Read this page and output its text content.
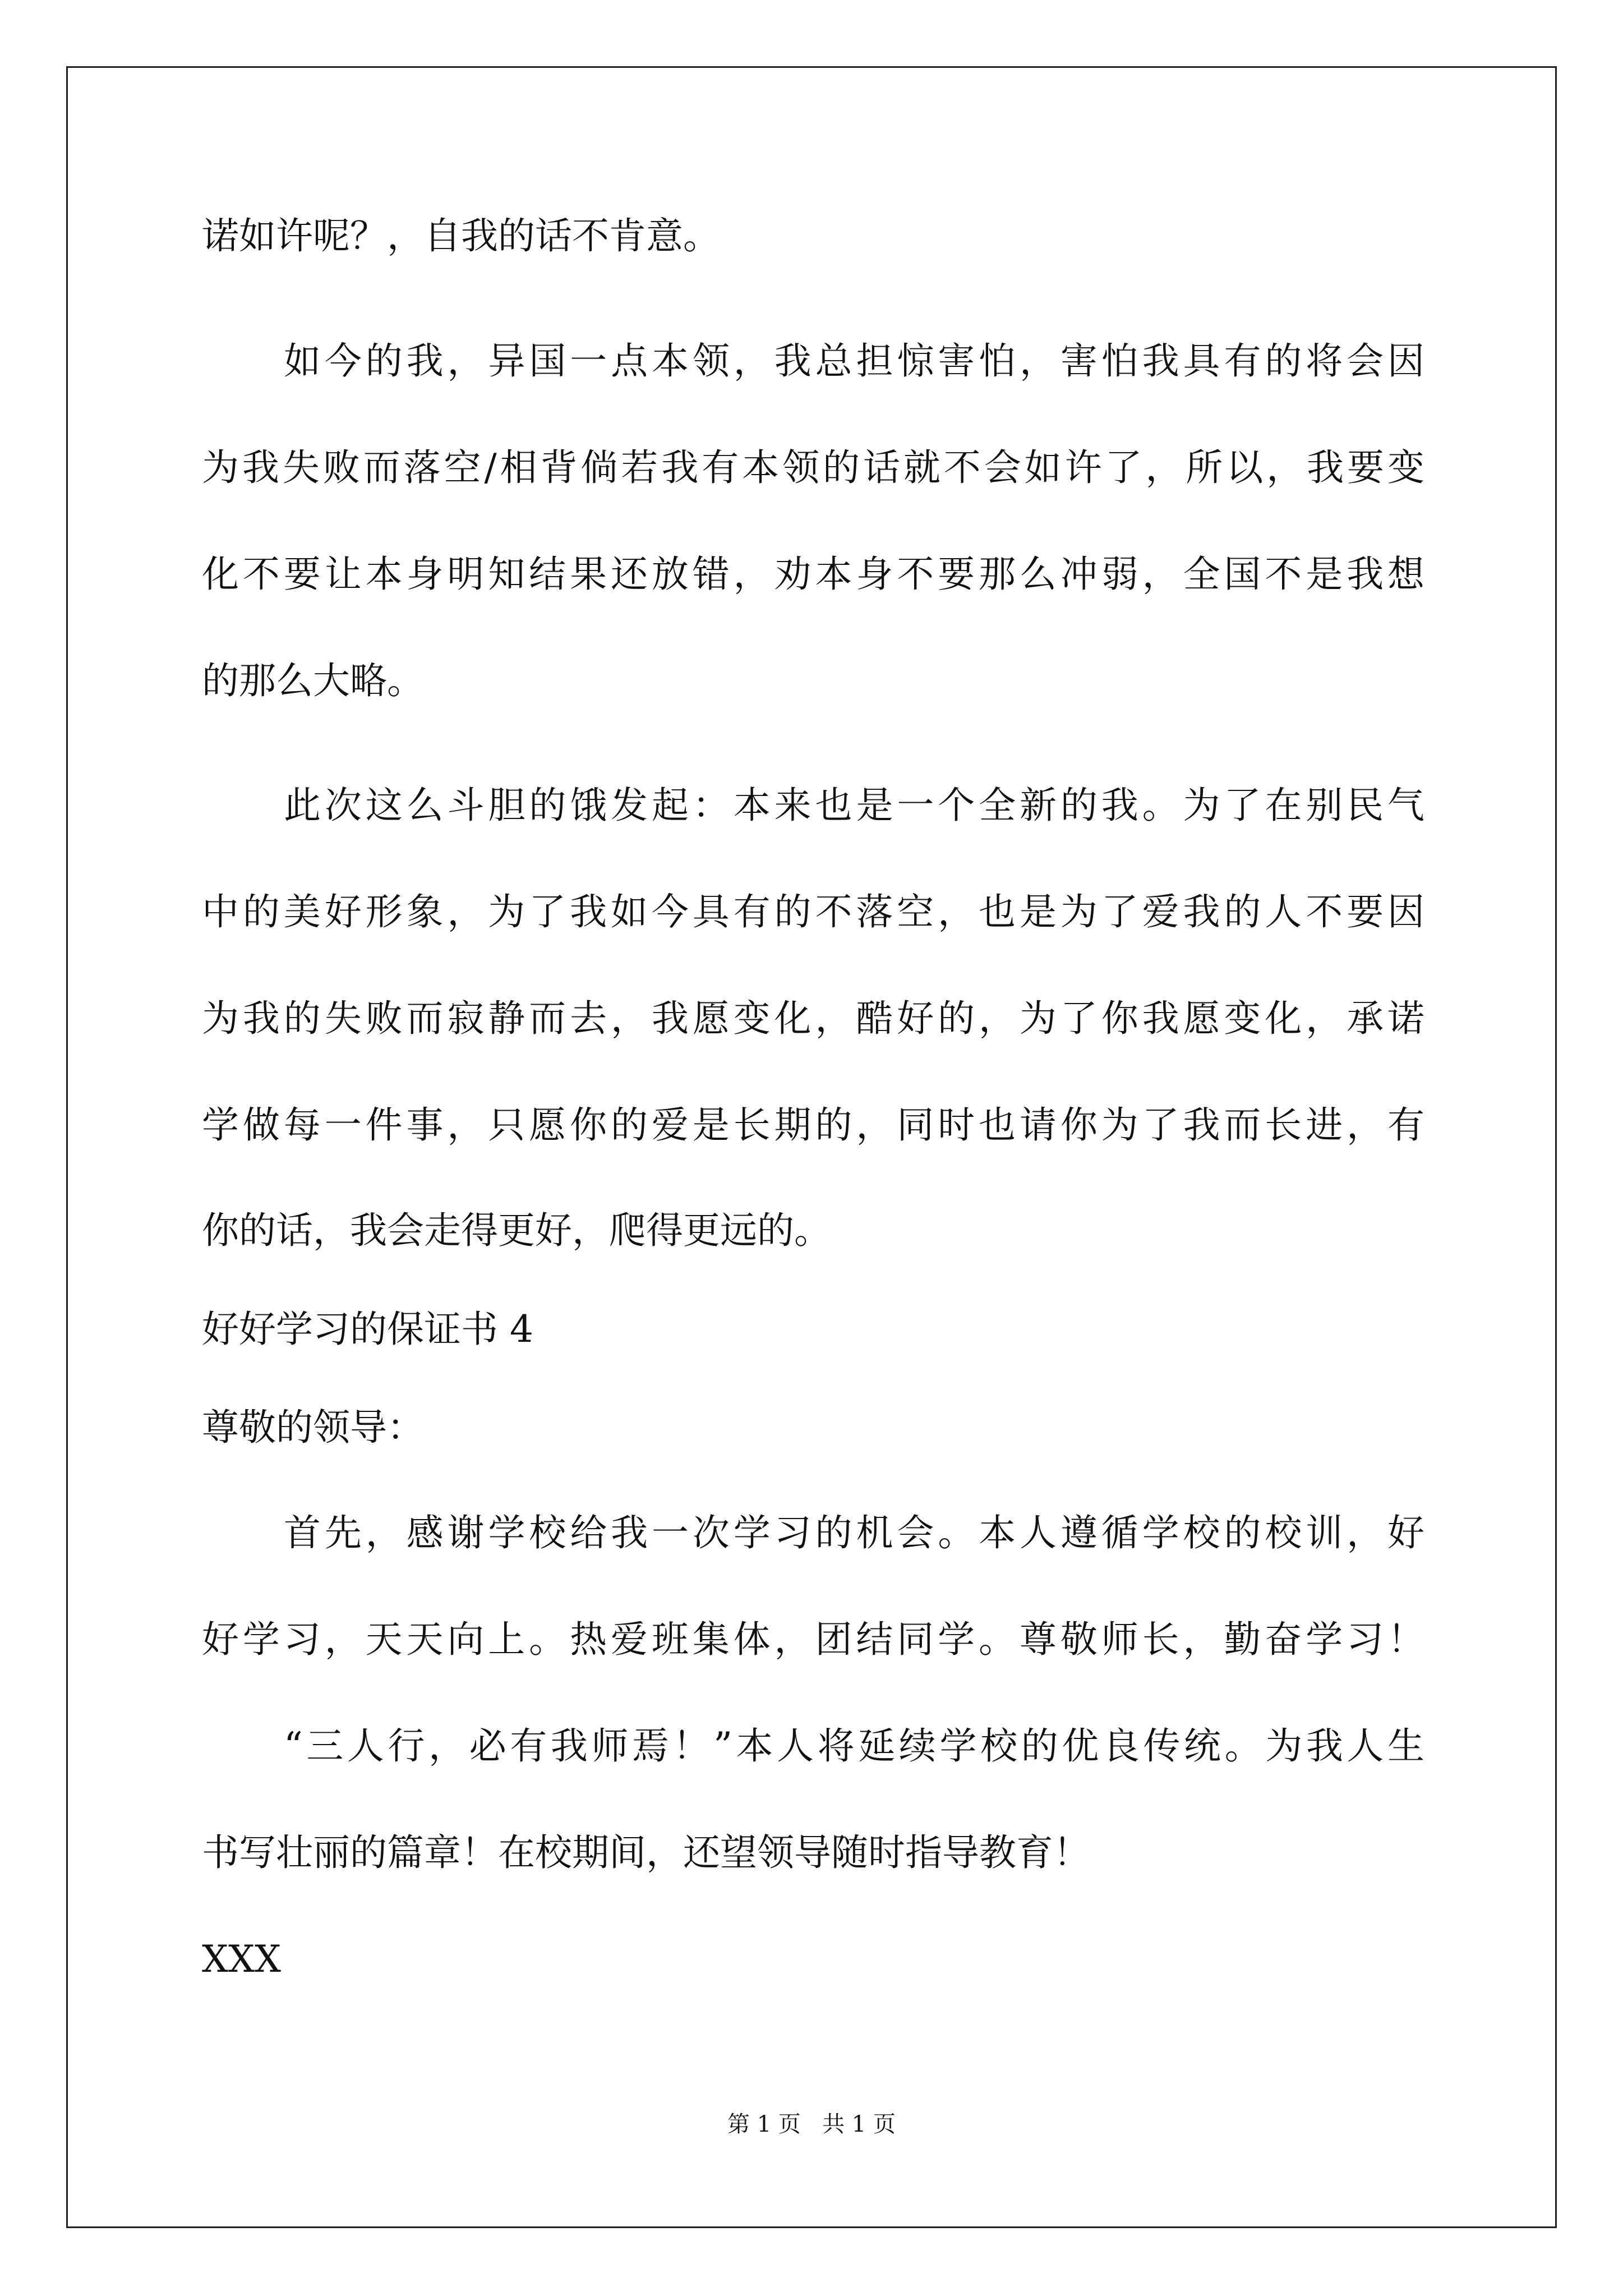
诺如许呢？，自我的话不肯意。
如今的我，异国一点本领，我总担惊害怕，害怕我具有的将会因
为我失败而落空/相背倘若我有本领的话就不会如许了，所以，我要变
化不要让本身明知结果还放错，劝本身不要那么冲弱，全国不是我想
的那么大略。
此次这么斗胆的饿发起：本来也是一个全新的我。为了在别民气
中的美好形象，为了我如今具有的不落空，也是为了爱我的人不要因
为我的失败而寂静而去，我愿变化，酷好的，为了你我愿变化，承诺
学做每一件事，只愿你的爱是长期的，同时也请你为了我而长进，有
你的话，我会走得更好，爬得更远的。
好好学习的保证书 4
尊敬的领导：
首先，感谢学校给我一次学习的机会。本人遵循学校的校训，好
好学习，天天向上。热爱班集体，团结同学。尊敬师长，勤奋学习！
“三人行，必有我师焉！”本人将延续学校的优良传统。为我人生
书写壮丽的篇章！在校期间，还望领导随时指导教育！
XXX
第 1 页   共 1 页
